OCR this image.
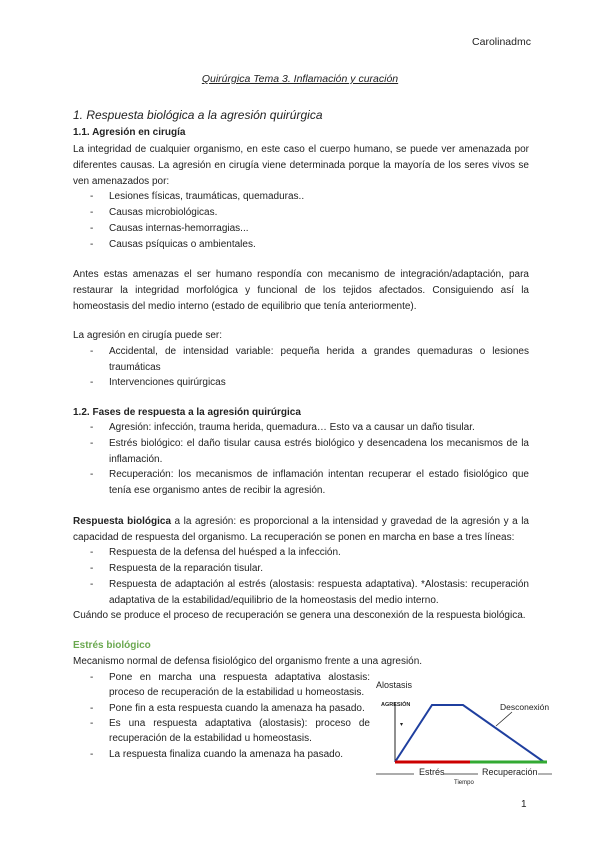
Carolinadmc
Quirúrgica Tema 3. Inflamación y curación
1. Respuesta biológica a la agresión quirúrgica
1.1. Agresión en cirugía
La integridad de cualquier organismo, en este caso el cuerpo humano, se puede ver amenazada por
diferentes causas. La agresión en cirugía viene determinada porque la mayoría de los seres vivos se
ven amenazados por:
- Lesiones físicas, traumáticas, quemaduras..
- Causas microbiológicas.
- Causas internas-hemorragias...
- Causas psíquicas o ambientales.
Antes estas amenazas el ser humano respondía con mecanismo de integración/adaptación, para
restaurar la integridad morfológica y funcional de los tejidos afectados. Consiguiendo así la
homeostasis del medio interno (estado de equilibrio que tenía anteriormente).
La agresión en cirugía puede ser:
- Accidental, de intensidad variable: pequeña herida a grandes quemaduras o lesiones traumáticas
- Intervenciones quirúrgicas
1.2. Fases de respuesta a la agresión quirúrgica
- Agresión: infección, trauma herida, quemadura… Esto va a causar un daño tisular.
- Estrés biológico: el daño tisular causa estrés biológico y desencadena los mecanismos de la inflamación.
- Recuperación: los mecanismos de inflamación intentan recuperar el estado fisiológico que tenía ese organismo antes de recibir la agresión.
Respuesta biológica a la agresión: es proporcional a la intensidad y gravedad de la agresión y a la
capacidad de respuesta del organismo. La recuperación se ponen en marcha en base a tres líneas:
- Respuesta de la defensa del huésped a la infección.
- Respuesta de la reparación tisular.
- Respuesta de adaptación al estrés (alostasis: respuesta adaptativa). *Alostasis: recuperación adaptativa de la estabilidad/equilibrio de la homeostasis del medio interno.
Cuándo se produce el proceso de recuperación se genera una desconexión de la respuesta biológica.
Estrés biológico
Mecanismo normal de defensa fisiológico del organismo frente a una agresión.
- Pone en marcha una respuesta adaptativa alostasis: proceso de recuperación de la estabilidad u homeostasis.
- Pone fin a esta respuesta cuando la amenaza ha pasado.
- Es una respuesta adaptativa (alostasis): proceso de recuperación de la estabilidad u homeostasis.
- La respuesta finaliza cuando la amenaza ha pasado.
Alostasis
AGRESIÓN
▾
Desconexión
Estrés	Recuperación
Tiempo
1
